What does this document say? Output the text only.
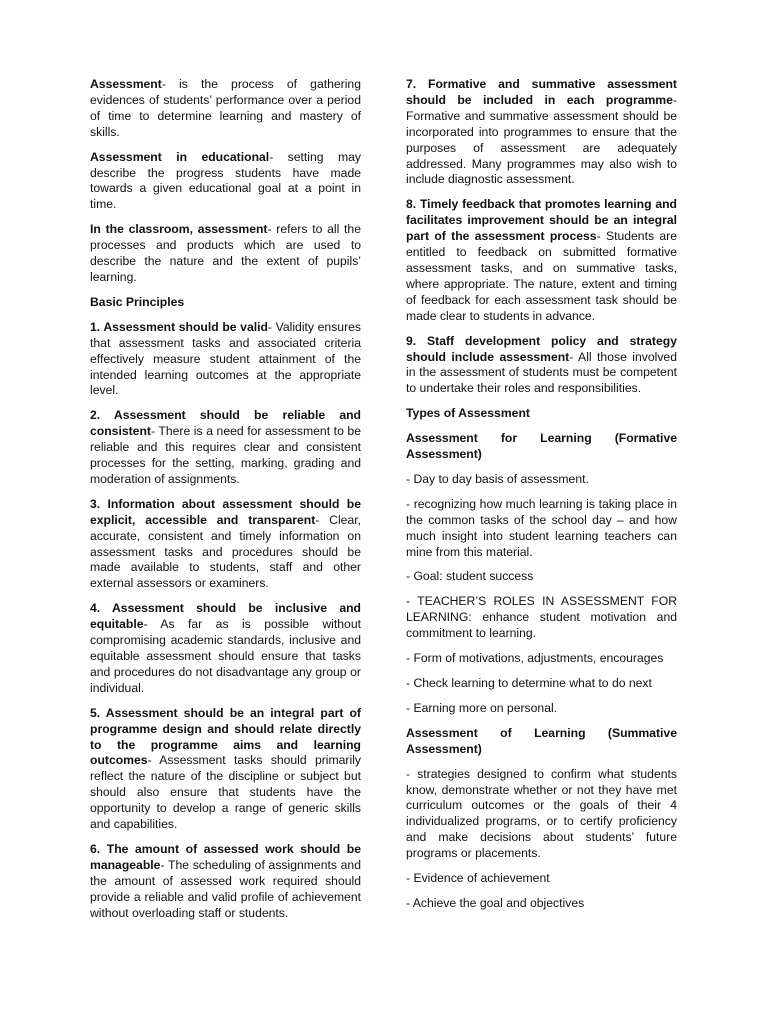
Assessment- is the process of gathering evidences of students’ performance over a period of time to determine learning and mastery of skills.

Assessment in educational- setting may describe the progress students have made towards a given educational goal at a point in time.

In the classroom, assessment- refers to all the processes and products which are used to describe the nature and the extent of pupils’ learning.

Basic Principles

1. Assessment should be valid- Validity ensures that assessment tasks and associated criteria effectively measure student attainment of the intended learning outcomes at the appropriate level.

2. Assessment should be reliable and consistent- There is a need for assessment to be reliable and this requires clear and consistent processes for the setting, marking, grading and moderation of assignments.

3. Information about assessment should be explicit, accessible and transparent- Clear, accurate, consistent and timely information on assessment tasks and procedures should be made available to students, staff and other external assessors or examiners.

4. Assessment should be inclusive and equitable- As far as is possible without compromising academic standards, inclusive and equitable assessment should ensure that tasks and procedures do not disadvantage any group or individual.

5. Assessment should be an integral part of programme design and should relate directly to the programme aims and learning outcomes- Assessment tasks should primarily reflect the nature of the discipline or subject but should also ensure that students have the opportunity to develop a range of generic skills and capabilities.

6. The amount of assessed work should be manageable- The scheduling of assignments and the amount of assessed work required should provide a reliable and valid profile of achievement without overloading staff or students.

7. Formative and summative assessment should be included in each programme- Formative and summative assessment should be incorporated into programmes to ensure that the purposes of assessment are adequately addressed. Many programmes may also wish to include diagnostic assessment.

8. Timely feedback that promotes learning and facilitates improvement should be an integral part of the assessment process- Students are entitled to feedback on submitted formative assessment tasks, and on summative tasks, where appropriate. The nature, extent and timing of feedback for each assessment task should be made clear to students in advance.

9. Staff development policy and strategy should include assessment- All those involved in the assessment of students must be competent to undertake their roles and responsibilities.

Types of Assessment

Assessment for Learning (Formative Assessment)

- Day to day basis of assessment.

- recognizing how much learning is taking place in the common tasks of the school day – and how much insight into student learning teachers can mine from this material.

- Goal: student success

- TEACHER’S ROLES IN ASSESSMENT FOR LEARNING: enhance student motivation and commitment to learning.

- Form of motivations, adjustments, encourages

- Check learning to determine what to do next

- Earning more on personal.

Assessment of Learning (Summative Assessment)

- strategies designed to confirm what students know, demonstrate whether or not they have met curriculum outcomes or the goals of their 4 individualized programs, or to certify proficiency and make decisions about students’ future programs or placements.

- Evidence of achievement

- Achieve the goal and objectives
